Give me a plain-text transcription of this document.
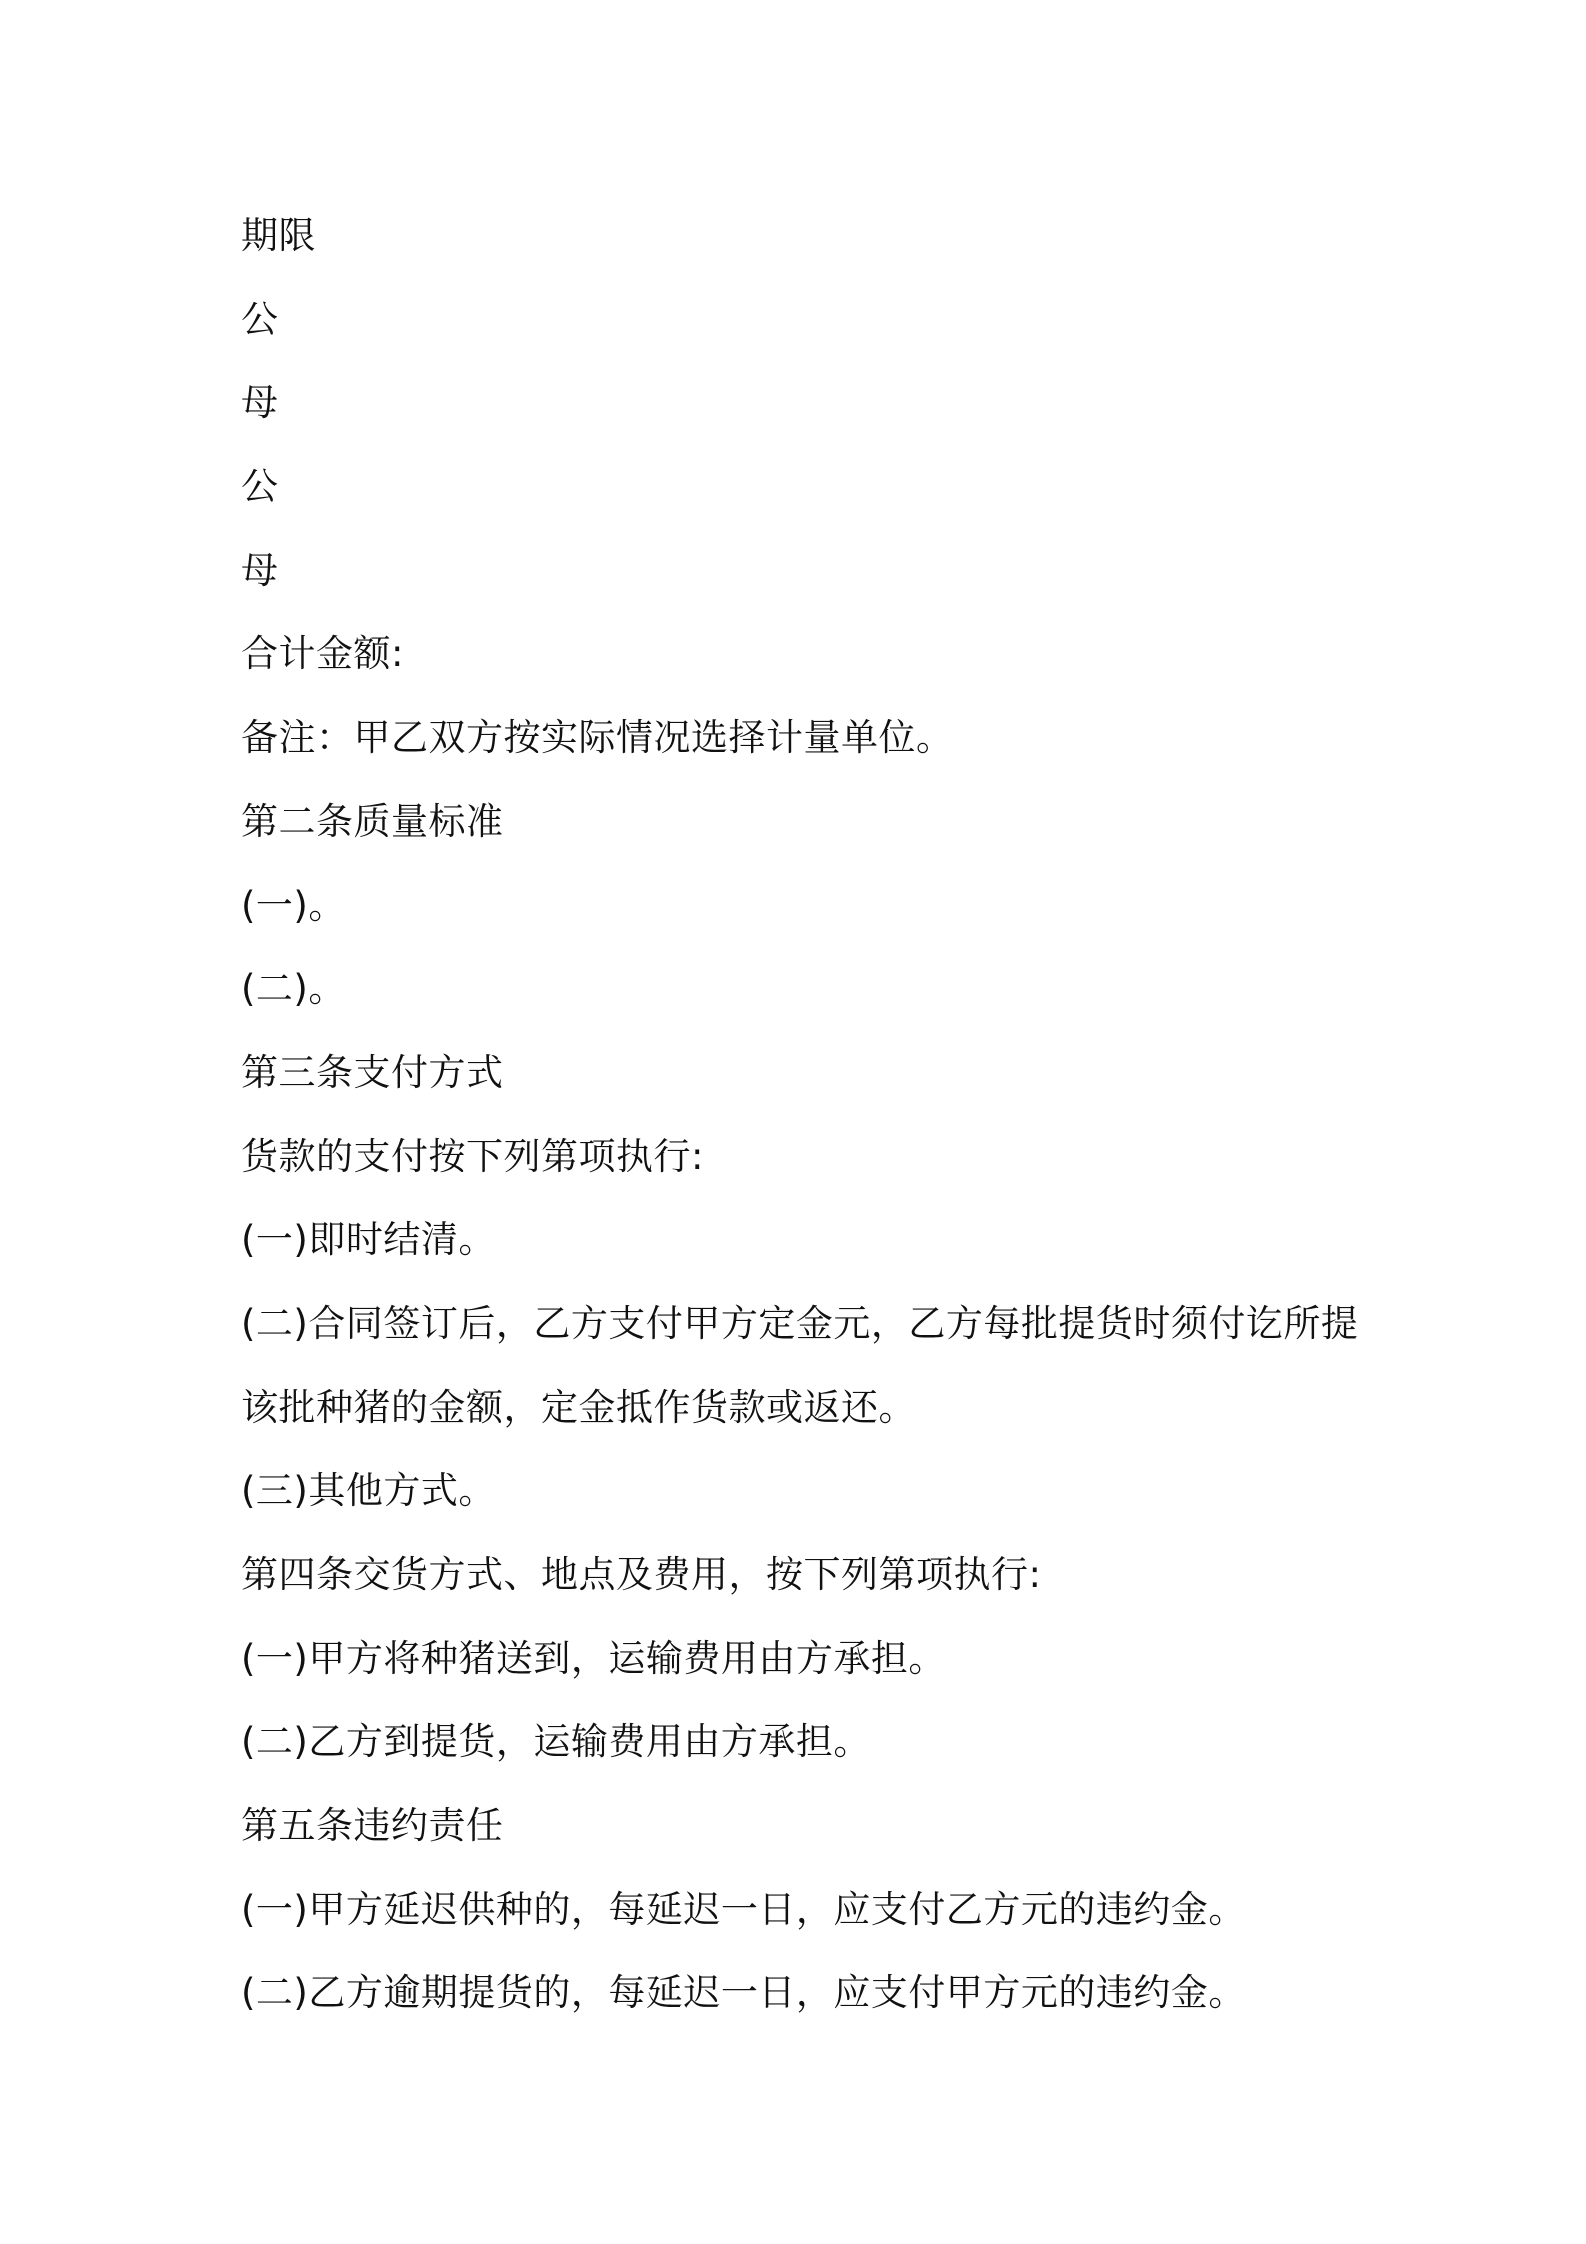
期限
公
母
公
母
合计金额:
备注：甲乙双方按实际情况选择计量单位。
第二条质量标准
(一)。
(二)。
第三条支付方式
货款的支付按下列第项执行:
(一)即时结清。
(二)合同签订后，乙方支付甲方定金元，乙方每批提货时须付讫所提
该批种猪的金额，定金抵作货款或返还。
(三)其他方式。
第四条交货方式、地点及费用，按下列第项执行:
(一)甲方将种猪送到，运输费用由方承担。
(二)乙方到提货，运输费用由方承担。
第五条违约责任
(一)甲方延迟供种的，每延迟一日，应支付乙方元的违约金。
(二)乙方逾期提货的，每延迟一日，应支付甲方元的违约金。
